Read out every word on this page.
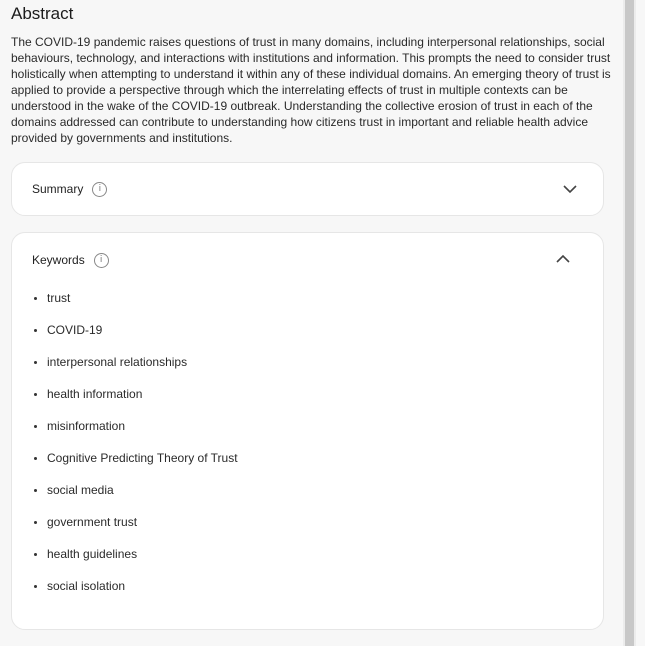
Abstract
The COVID-19 pandemic raises questions of trust in many domains, including interpersonal relationships, social behaviours, technology, and interactions with institutions and information. This prompts the need to consider trust holistically when attempting to understand it within any of these individual domains. An emerging theory of trust is applied to provide a perspective through which the interrelating effects of trust in multiple contexts can be understood in the wake of the COVID-19 outbreak. Understanding the collective erosion of trust in each of the domains addressed can contribute to understanding how citizens trust in important and reliable health advice provided by governments and institutions.
Summary	i
Keywords	i
trust
COVID-19
interpersonal relationships
health information
misinformation
Cognitive Predicting Theory of Trust
social media
government trust
health guidelines
social isolation
